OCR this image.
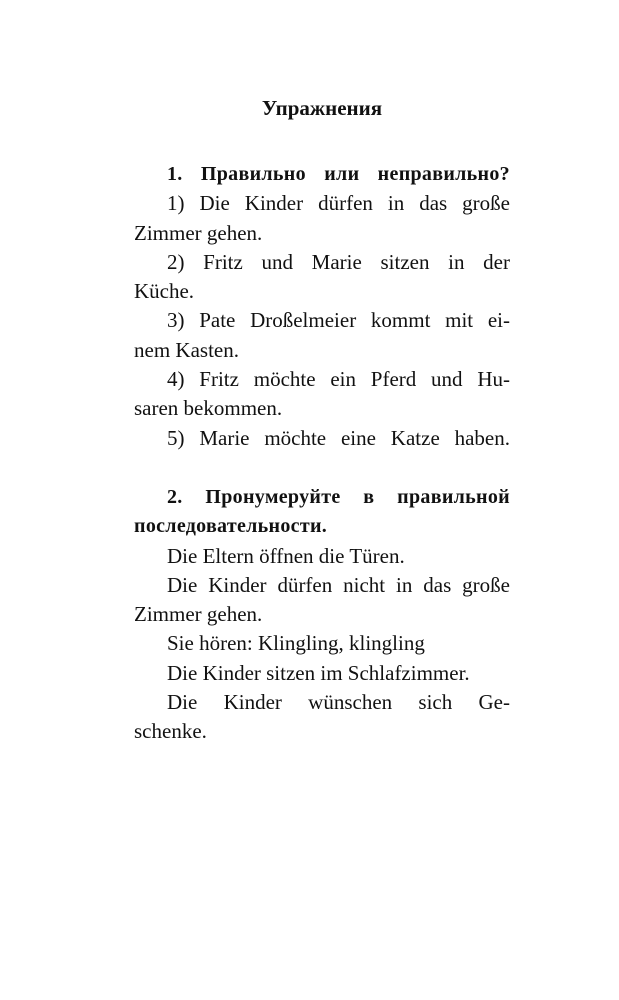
Упражнения
1. Правильно или неправильно?
1) Die Kinder dürfen in das große
Zimmer gehen.
2) Fritz und Marie sitzen in der
Küche.
3) Pate Droßelmeier kommt mit ei-
nem Kasten.
4) Fritz möchte ein Pferd und Hu-
saren bekommen.
5) Marie möchte eine Katze haben.
2. Пронумеруйте в правильной
последовательности.
Die Eltern öffnen die Türen.
Die Kinder dürfen nicht in das große
Zimmer gehen.
Sie hören: Klingling, klingling
Die Kinder sitzen im Schlafzimmer.
Die Kinder wünschen sich Ge-
schenke.
